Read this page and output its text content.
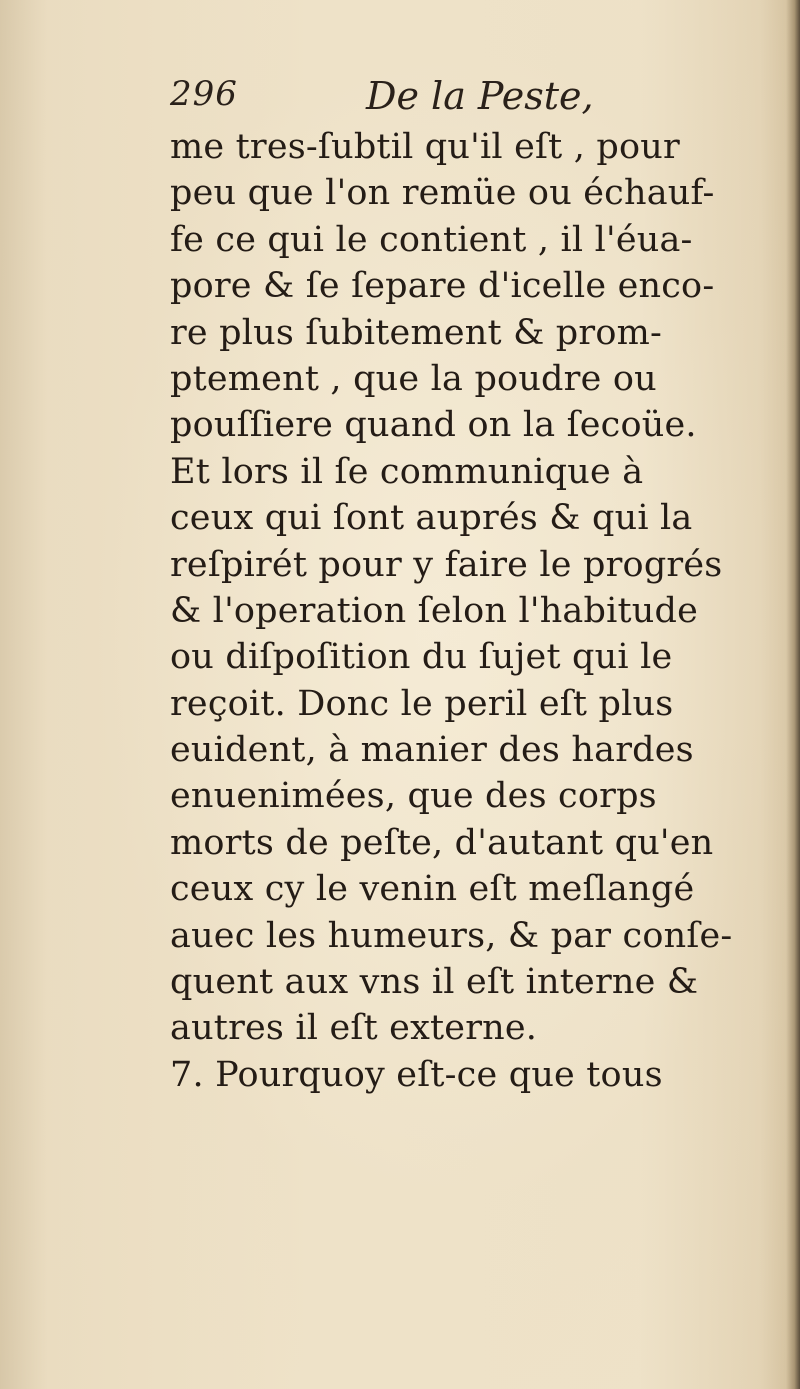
296	De la Peste,
me tres-ſubtil qu'il eſt , pour
peu que l'on remüe ou échauf-
fe ce qui le contient , il l'éua-
pore & ſe ſepare d'icelle enco-
re plus ſubitement & prom-
ptement , que la poudre ou
pouſſiere quand on la ſecoüe.
Et lors il ſe communique à
ceux qui ſont auprés & qui la
reſpirét pour y faire le progrés
& l'operation ſelon l'habitude
ou diſpoſition du ſujet qui le
reçoit. Donc le peril eſt plus
euident, à manier des hardes
enuenimées, que des corps
morts de peſte, d'autant qu'en
ceux cy le venin eſt meſlangé
auec les humeurs, & par conſe-
quent aux vns il eſt interne &
autres il eſt externe.
7. Pourquoy eſt-ce que tous
